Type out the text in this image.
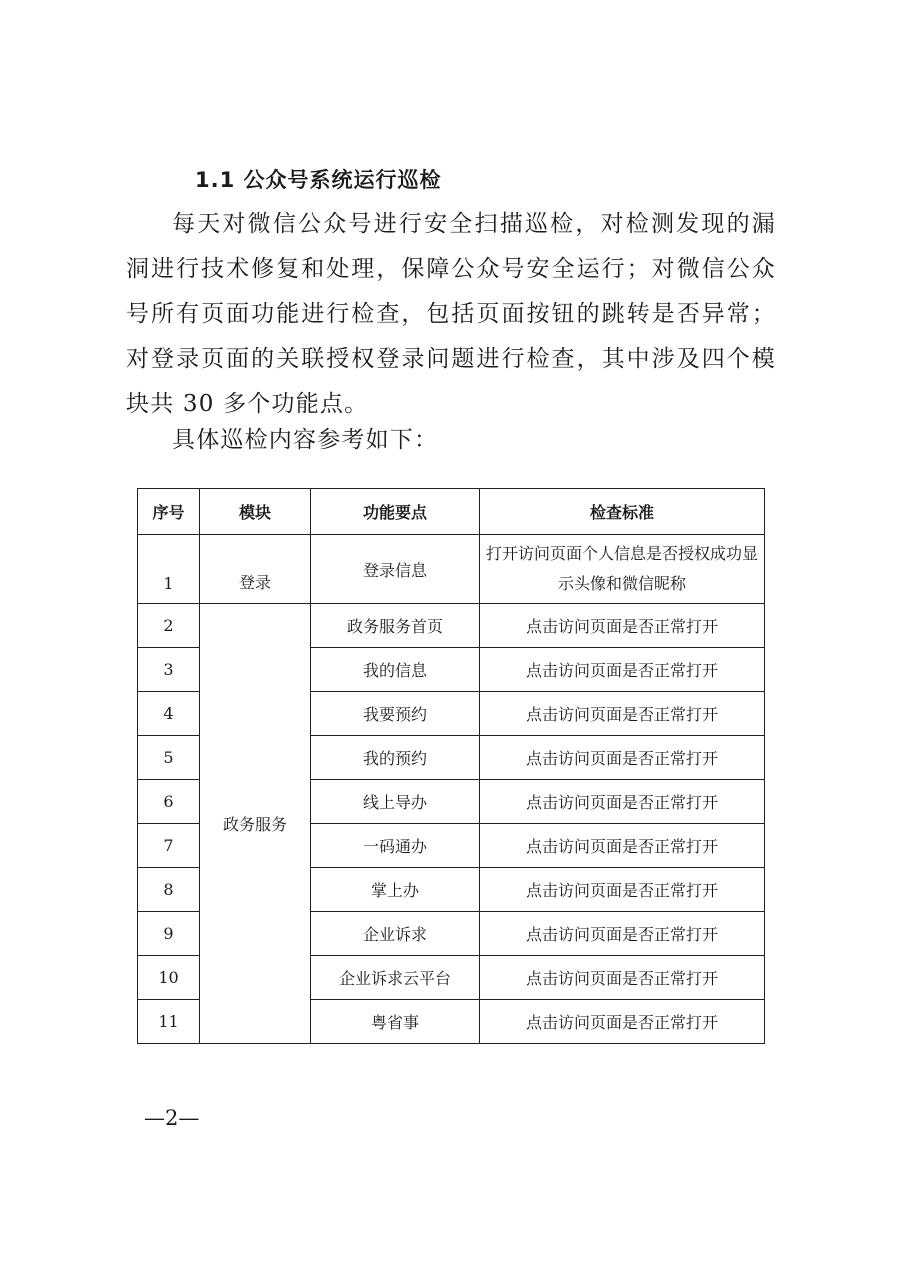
1.1 公众号系统运行巡检

每天对微信公众号进行安全扫描巡检，对检测发现的漏洞进行技术修复和处理，保障公众号安全运行；对微信公众号所有页面功能进行检查，包括页面按钮的跳转是否异常；对登录页面的关联授权登录问题进行检查，其中涉及四个模块共 30 多个功能点。

具体巡检内容参考如下：

序号	模块	功能要点	检查标准
1	登录	登录信息	打开访问页面个人信息是否授权成功显示头像和微信昵称
2	政务服务	政务服务首页	点击访问页面是否正常打开
3		我的信息	点击访问页面是否正常打开
4		我要预约	点击访问页面是否正常打开
5		我的预约	点击访问页面是否正常打开
6		线上导办	点击访问页面是否正常打开
7		一码通办	点击访问页面是否正常打开
8		掌上办	点击访问页面是否正常打开
9		企业诉求	点击访问页面是否正常打开
10		企业诉求云平台	点击访问页面是否正常打开
11		粤省事	点击访问页面是否正常打开

—2—
